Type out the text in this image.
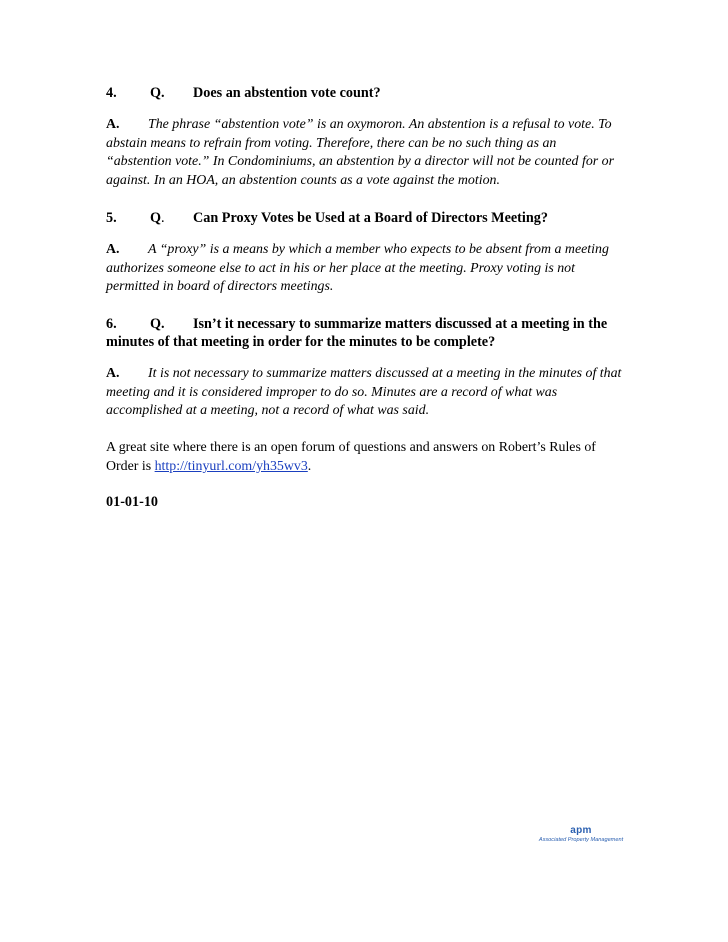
4. Q. Does an abstention vote count?

A. The phrase “abstention vote” is an oxymoron. An abstention is a refusal to vote. To abstain means to refrain from voting. Therefore, there can be no such thing as an “abstention vote.” In Condominiums, an abstention by a director will not be counted for or against. In an HOA, an abstention counts as a vote against the motion.

5. Q. Can Proxy Votes be Used at a Board of Directors Meeting?

A. A “proxy” is a means by which a member who expects to be absent from a meeting authorizes someone else to act in his or her place at the meeting. Proxy voting is not permitted in board of directors meetings.

6. Q. Isn’t it necessary to summarize matters discussed at a meeting in the minutes of that meeting in order for the minutes to be complete?

A. It is not necessary to summarize matters discussed at a meeting in the minutes of that meeting and it is considered improper to do so. Minutes are a record of what was accomplished at a meeting, not a record of what was said.

A great site where there is an open forum of questions and answers on Robert’s Rules of Order is http://tinyurl.com/yh35wv3.

01-01-10

apm
Associated Property Management
